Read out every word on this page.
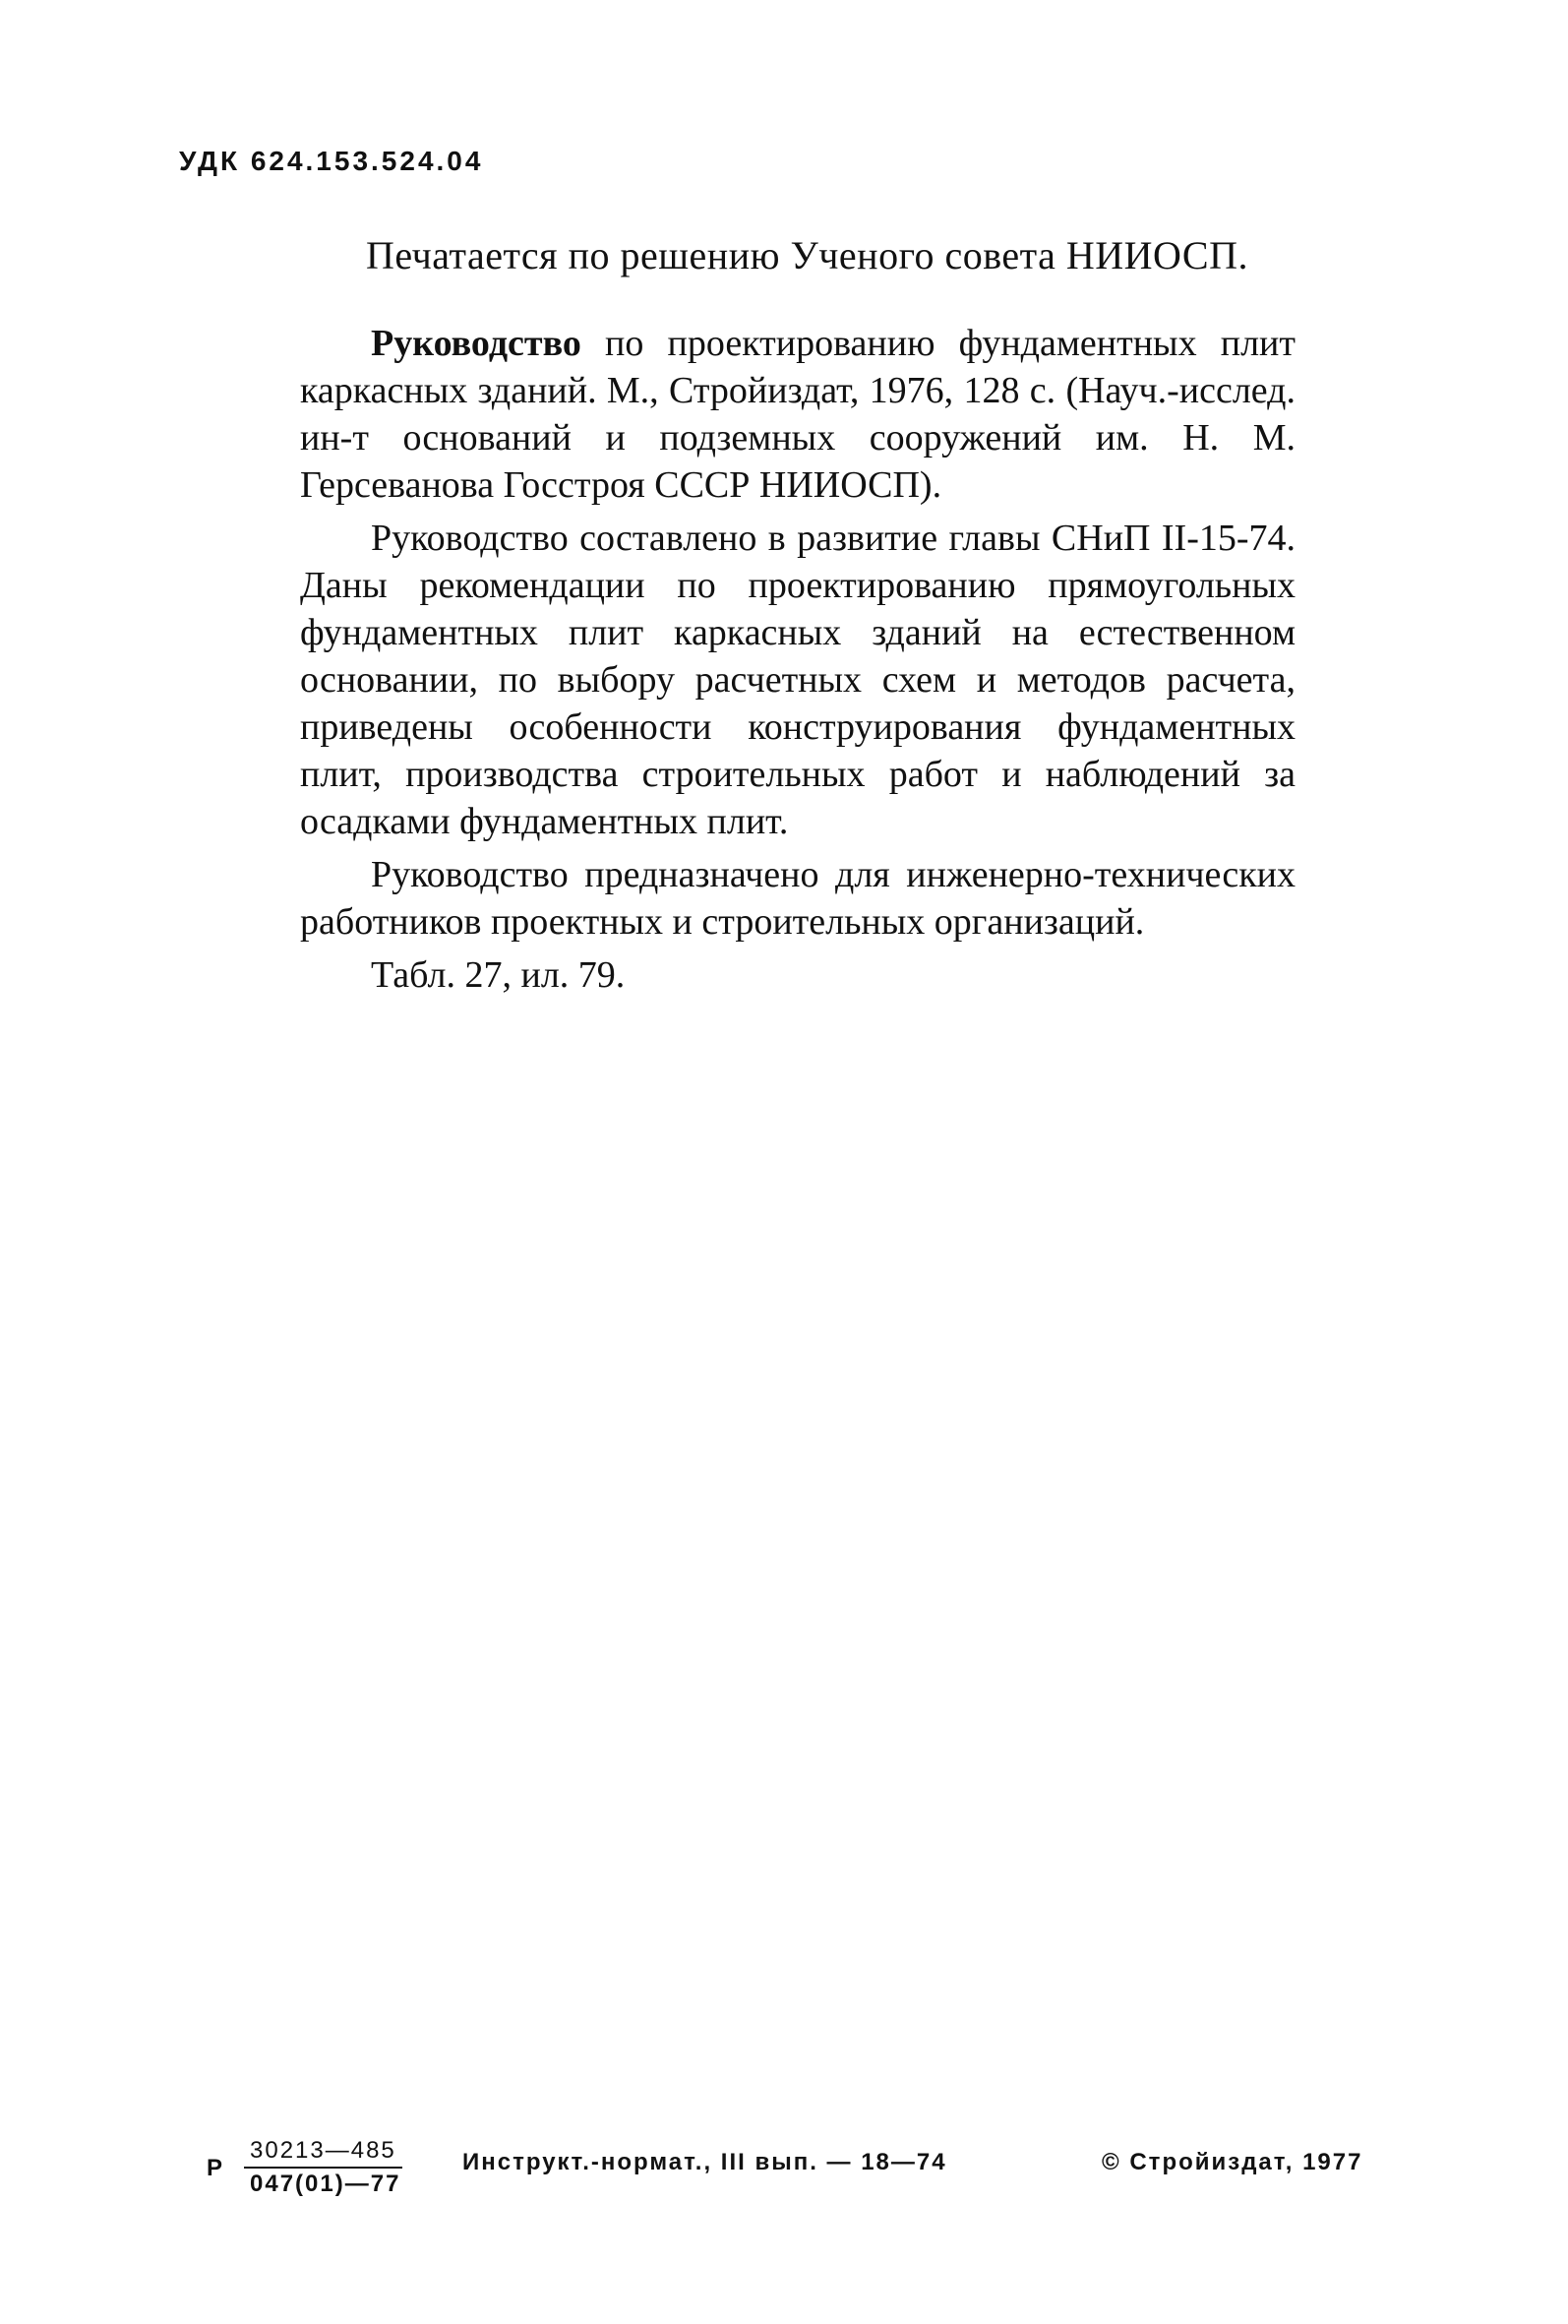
УДК 624.153.524.04
Печатается по решению Ученого совета НИИОСП.

Руководство по проектированию фундаментных плит каркасных зданий. М., Стройиздат, 1976, 128 с. (Науч.-исслед. ин-т оснований и подземных сооружений им. Н. М. Герсеванова Госстроя СССР НИИОСП).

Руководство составлено в развитие главы СНиП II-15-74. Даны рекомендации по проектированию прямоугольных фундаментных плит каркасных зданий на естественном основании, по выбору расчетных схем и методов расчета, приведены особенности конструирования фундаментных плит, производства строительных работ и наблюдений за осадками фундаментных плит.

Руководство предназначено для инженерно-технических работников проектных и строительных организаций.

Табл. 27, ил. 79.

Р $\frac{30213—485}{047(01)—77}$ Инструкт.-нормат., III вып. — 18—74	© Стройиздат, 1977
